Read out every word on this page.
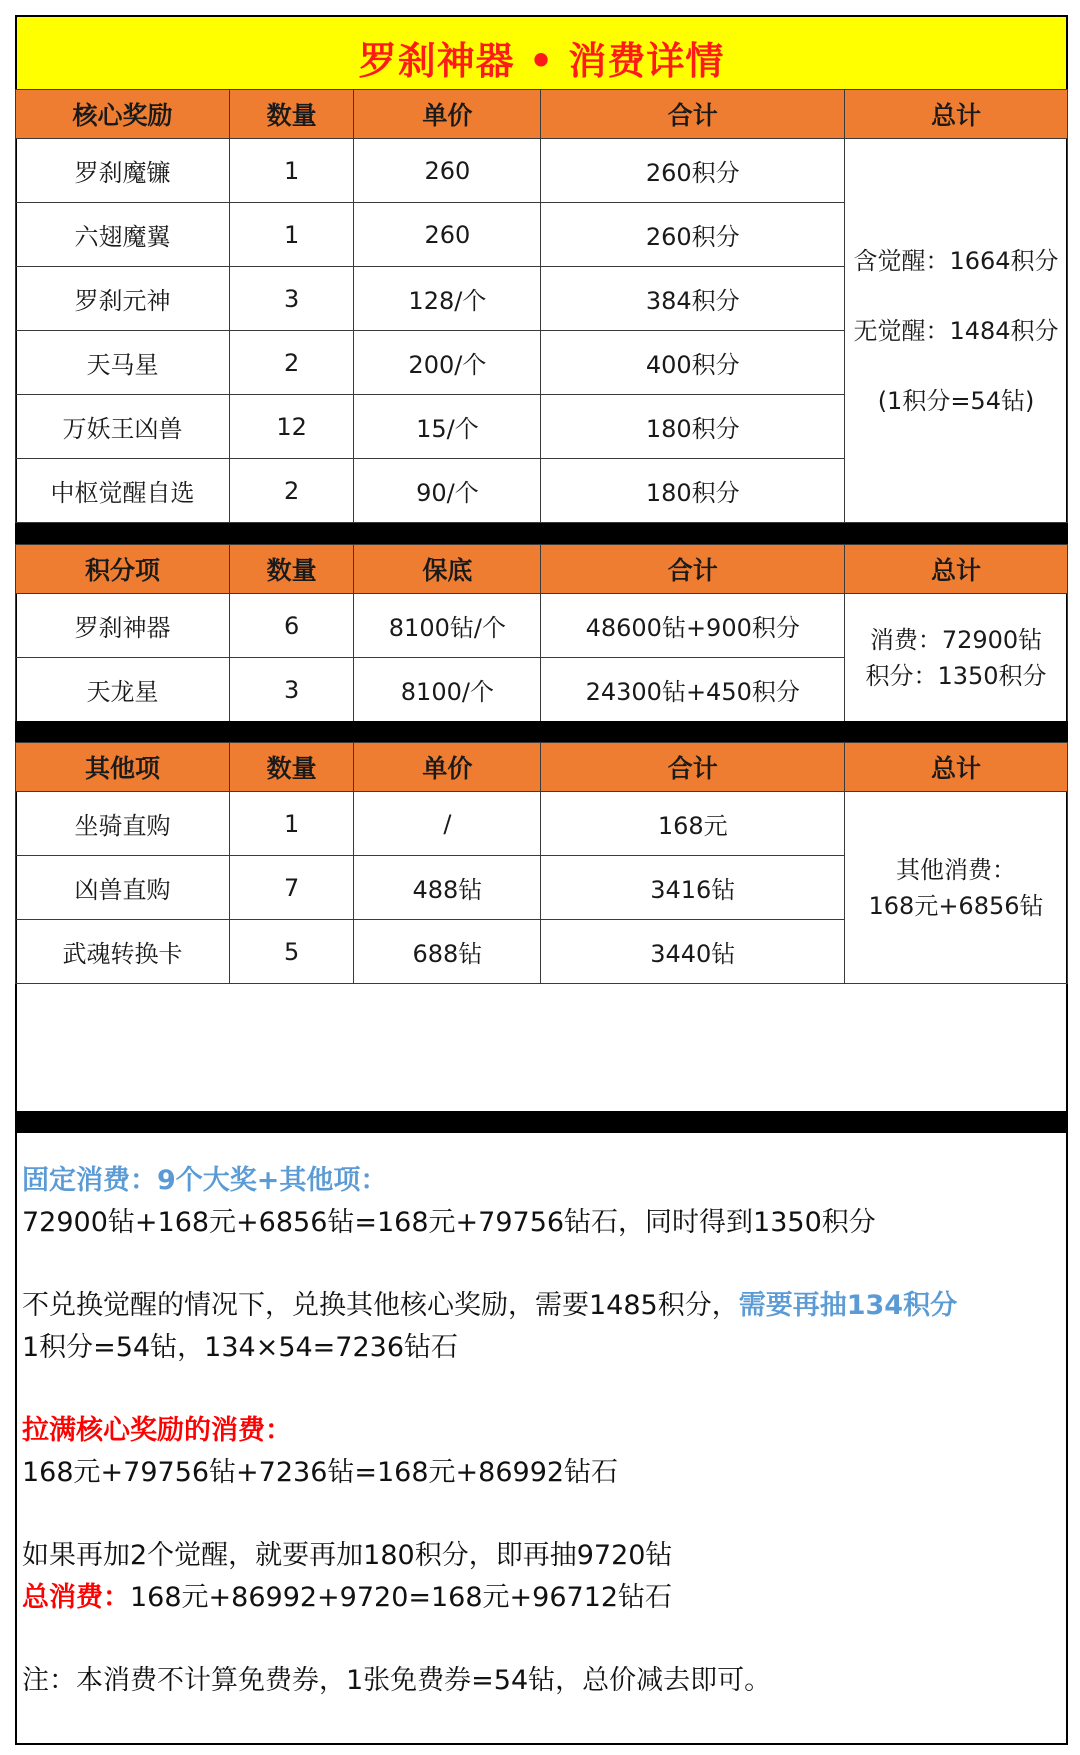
罗刹神器 • 消费详情
核心奖励	数量	单价	合计	总计
罗刹魔镰	1	260	260积分	含觉醒：1664积分
无觉醒：1484积分
(1积分=54钻)

六翅魔翼	1	260	260积分	
罗刹元神	3	128/个	384积分	
天马星	2	200/个	400积分	
万妖王凶兽	12	15/个	180积分	
中枢觉醒自选	2	90/个	180积分	
积分项	数量	保底	合计	总计
罗刹神器	6	8100钻/个	48600钻+900积分	消费：72900钻
积分：1350积分

天龙星	3	8100/个	24300钻+450积分	
其他项	数量	单价	合计	总计
坐骑直购	1	/	168元	其他消费：
168元+6856钻

凶兽直购	7	488钻	3416钻	
武魂转换卡	5	688钻	3440钻	
固定消费：9个大奖+其他项：
72900钻+168元+6856钻=168元+79756钻石，同时得到1350积分
不兑换觉醒的情况下，兑换其他核心奖励，需要1485积分，需要再抽134积分
1积分=54钻，134×54=7236钻石
拉满核心奖励的消费：
168元+79756钻+7236钻=168元+86992钻石
如果再加2个觉醒，就要再加180积分，即再抽9720钻
总消费：168元+86992+9720=168元+96712钻石
注：本消费不计算免费券，1张免费券=54钻，总价减去即可。
